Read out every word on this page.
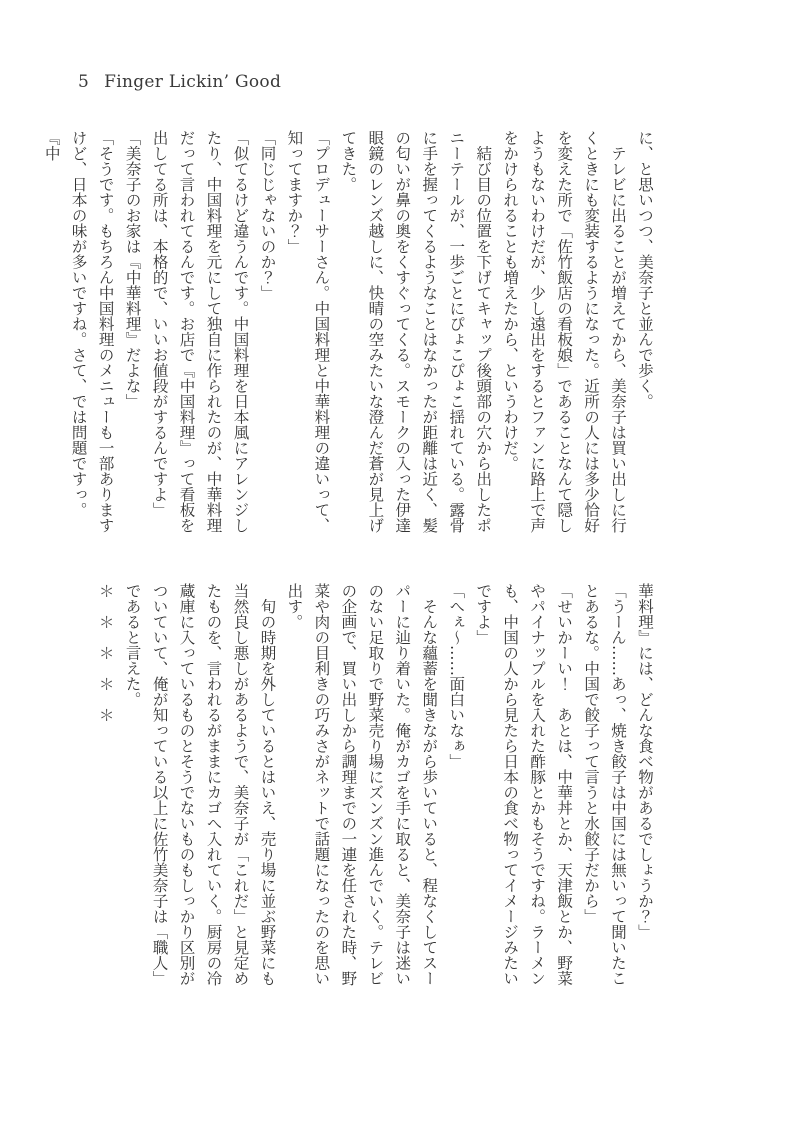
5 Finger Lickin’ Good

に、と思いつつ、美奈子と並んで歩く。

　テレビに出ることが増えてから、美奈子は買い出しに行くときにも変装するようになった。近所の人には多少恰好を変えた所で「佐竹飯店の看板娘」であることなんて隠しようもないわけだが、少し遠出をするとファンに路上で声をかけられることも増えたから、というわけだ。

　結び目の位置を下げてキャップ後頭部の穴から出したポニーテールが、一歩ごとにぴょこぴょこ揺れている。露骨に手を握ってくるようなことはなかったが距離は近く、髪の匂いが鼻の奥をくすぐってくる。スモークの入った伊達眼鏡のレンズ越しに、快晴の空みたいな澄んだ蒼が見上げてきた。

「プロデューサーさん。中国料理と中華料理の違いって、知ってますか？」

「同じじゃないのか？」

「似てるけど違うんです。中国料理を日本風にアレンジしたり、中国料理を元にして独自に作られたのが、中華料理だって言われてるんです。お店で『中国料理』って看板を出してる所は、本格的で、いいお値段がするんですよ」

「美奈子のお家は『中華料理』だよな」

「そうです。もちろん中国料理のメニューも一部ありますけど、日本の味が多いですね。さて、では問題ですっ。『中

華料理』には、どんな食べ物があるでしょうか？」

「うーん……あっ、焼き餃子は中国には無いって聞いたことあるな。中国で餃子って言うと水餃子だから」

「せいかーい！　あとは、中華丼とか、天津飯とか、野菜やパイナップルを入れた酢豚とかもそうですね。ラーメンも、中国の人から見たら日本の食べ物ってイメージみたいですよ」

「へぇ～……面白いなぁ」

　そんな蘊蓄を聞きながら歩いていると、程なくしてスーパーに辿り着いた。俺がカゴを手に取ると、美奈子は迷いのない足取りで野菜売り場にズンズン進んでいく。テレビの企画で、買い出しから調理までの一連を任された時、野菜や肉の目利きの巧みさがネットで話題になったのを思い出す。

　旬の時期を外しているとはいえ、売り場に並ぶ野菜にも当然良し悪しがあるようで、美奈子が「これだ」と見定めたものを、言われるがままにカゴへ入れていく。厨房の冷蔵庫に入っているものとそうでないものもしっかり区別がついていて、俺が知っている以上に佐竹美奈子は「職人」であると言えた。

＊　＊　＊　＊　＊
